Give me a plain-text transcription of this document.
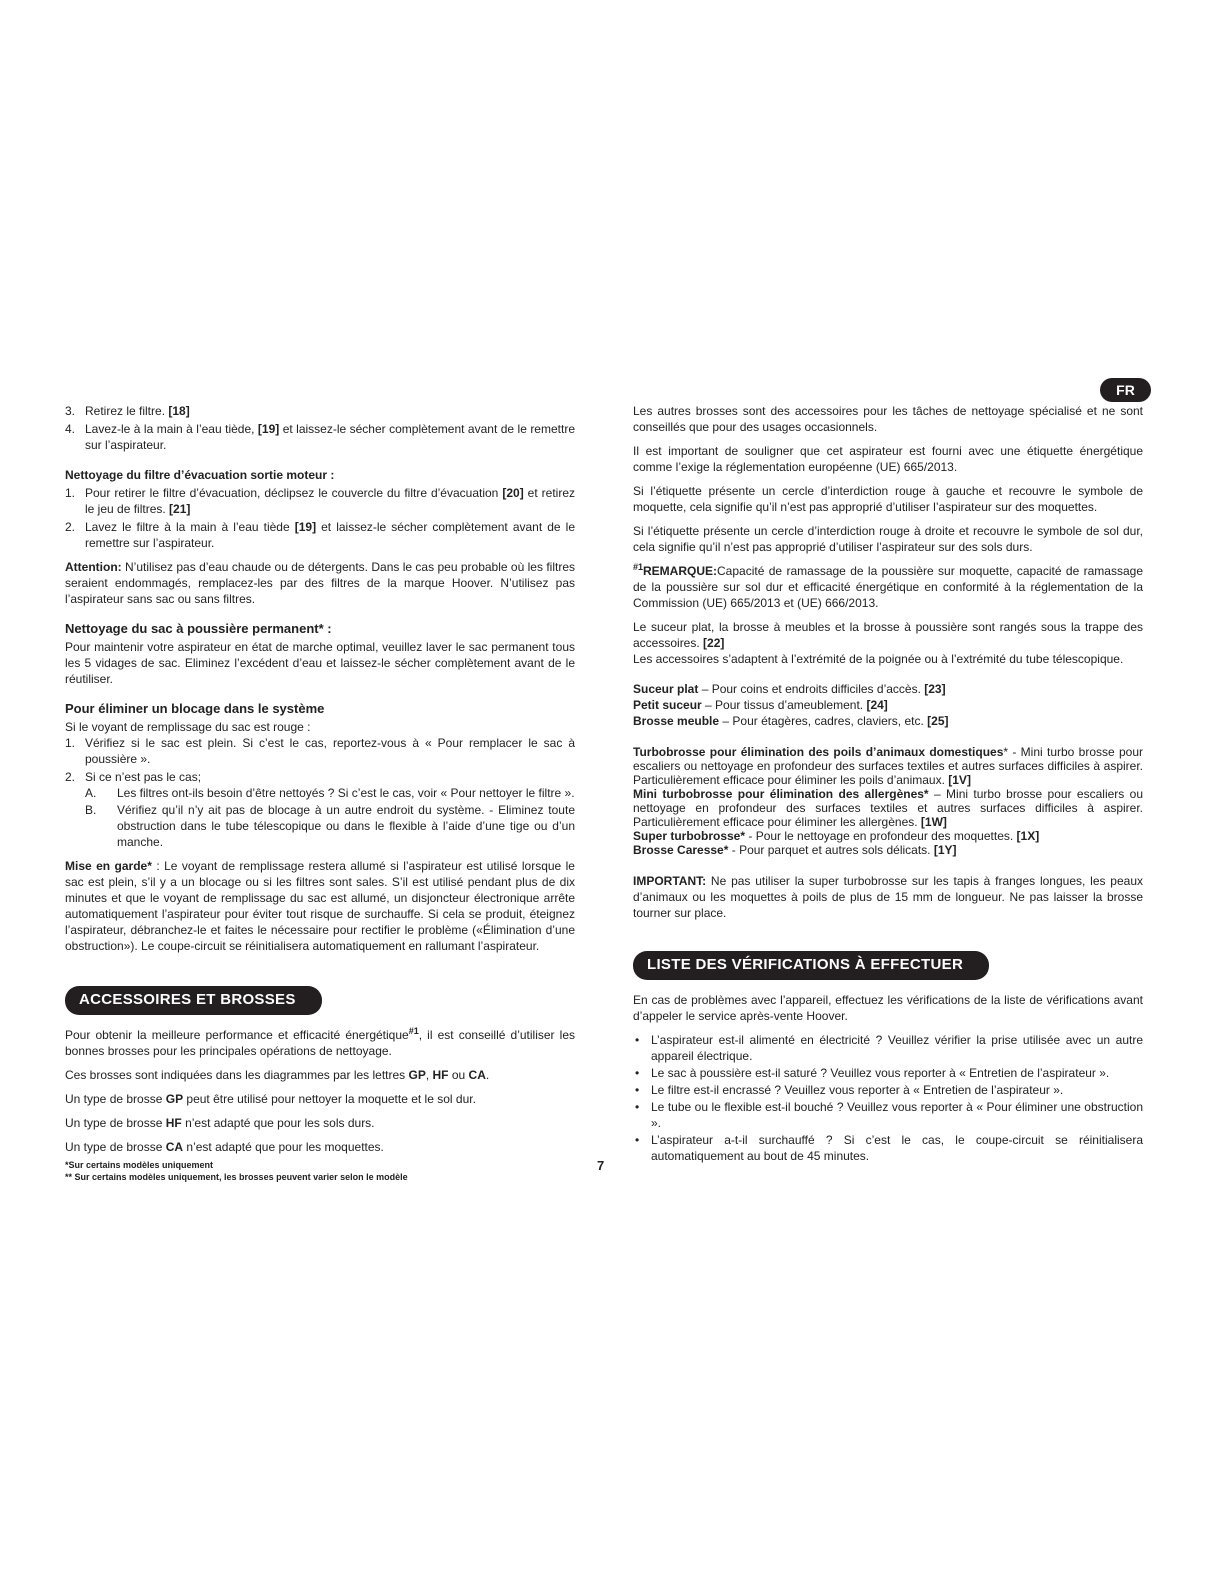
FR
3. Retirez le filtre. [18]
4. Lavez-le à la main à l’eau tiède, [19] et laissez-le sécher complètement avant de le remettre sur l’aspirateur.
Nettoyage du filtre d’évacuation sortie moteur :
1. Pour retirer le filtre d’évacuation, déclipsez le couvercle du filtre d’évacuation [20] et retirez le jeu de filtres. [21]
2. Lavez le filtre à la main à l’eau tiède [19] et laissez-le sécher complètement avant de le remettre sur l’aspirateur.

Attention: N’utilisez pas d’eau chaude ou de détergents. Dans le cas peu probable où les filtres seraient endommagés, remplacez-les par des filtres de la marque Hoover. N’utilisez pas l’aspirateur sans sac ou sans filtres.

Nettoyage du sac à poussière permanent* :

Pour maintenir votre aspirateur en état de marche optimal, veuillez laver le sac permanent tous les 5 vidages de sac. Eliminez l’excédent d’eau et laissez-le sécher complètement avant de le réutiliser.

Pour éliminer un blocage dans le système
Si le voyant de remplissage du sac est rouge :
1. Vérifiez si le sac est plein. Si c’est le cas, reportez-vous à « Pour remplacer le sac à poussière ».
2. Si ce n’est pas le cas;
A. Les filtres ont-ils besoin d’être nettoyés ? Si c’est le cas, voir « Pour nettoyer le filtre ».
B. Vérifiez qu’il n’y ait pas de blocage à un autre endroit du système. - Eliminez toute obstruction dans le tube télescopique ou dans le flexible à l’aide d’une tige ou d’un manche.

Mise en garde* : Le voyant de remplissage restera allumé si l’aspirateur est utilisé lorsque le sac est plein, s’il y a un blocage ou si les filtres sont sales. S’il est utilisé pendant plus de dix minutes et que le voyant de remplissage du sac est allumé, un disjoncteur électronique arrête automatiquement l’aspirateur pour éviter tout risque de surchauffe. Si cela se produit, éteignez l’aspirateur, débranchez-le et faites le nécessaire pour rectifier le problème («Élimination d’une obstruction»). Le coupe-circuit se réinitialisera automatiquement en rallumant l’aspirateur.

ACCESSOIRES ET BROSSES

Pour obtenir la meilleure performance et efficacité énergétique$^{\#1}$, il est conseillé d’utiliser les bonnes brosses pour les principales opérations de nettoyage.

Ces brosses sont indiquées dans les diagrammes par les lettres GP, HF ou CA.

Un type de brosse GP peut être utilisé pour nettoyer la moquette et le sol dur.

Un type de brosse HF n’est adapté que pour les sols durs.

Un type de brosse CA n’est adapté que pour les moquettes.

Les autres brosses sont des accessoires pour les tâches de nettoyage spécialisé et ne sont conseillés que pour des usages occasionnels.

Il est important de souligner que cet aspirateur est fourni avec une étiquette énergétique comme l’exige la réglementation européenne (UE) 665/2013.

Si l’étiquette présente un cercle d’interdiction rouge à gauche et recouvre le symbole de moquette, cela signifie qu’il n’est pas approprié d’utiliser l’aspirateur sur des moquettes.

Si l’étiquette présente un cercle d’interdiction rouge à droite et recouvre le symbole de sol dur, cela signifie qu’il n’est pas approprié d’utiliser l’aspirateur sur des sols durs.

$^{\#1}$REMARQUE:Capacité de ramassage de la poussière sur moquette, capacité de ramassage de la poussière sur sol dur et efficacité énergétique en conformité à la réglementation de la Commission (UE) 665/2013 et (UE) 666/2013.

Le suceur plat, la brosse à meubles et la brosse à poussière sont rangés sous la trappe des accessoires. [22]

Les accessoires s’adaptent à l’extrémité de la poignée ou à l’extrémité du tube télescopique.

Suceur plat – Pour coins et endroits difficiles d’accès. [23]
Petit suceur – Pour tissus d’ameublement. [24]
Brosse meuble – Pour étagères, cadres, claviers, etc. [25]
Turbobrosse pour élimination des poils d’animaux domestiques* - Mini turbo brosse pour escaliers ou nettoyage en profondeur des surfaces textiles et autres surfaces difficiles à aspirer. Particulièrement efficace pour éliminer les poils d’animaux. [1V]
Mini turbobrosse pour élimination des allergènes* – Mini turbo brosse pour escaliers ou nettoyage en profondeur des surfaces textiles et autres surfaces difficiles à aspirer. Particulièrement efficace pour éliminer les allergènes. [1W]
Super turbobrosse* - Pour le nettoyage en profondeur des moquettes. [1X]
Brosse Caresse* - Pour parquet et autres sols délicats. [1Y]

IMPORTANT: Ne pas utiliser la super turbobrosse sur les tapis à franges longues, les peaux d’animaux ou les moquettes à poils de plus de 15 mm de longueur. Ne pas laisser la brosse tourner sur place.

LISTE DES VÉRIFICATIONS À EFFECTUER

En cas de problèmes avec l’appareil, effectuez les vérifications de la liste de vérifications avant d’appeler le service après-vente Hoover.

• L’aspirateur est-il alimenté en électricité ? Veuillez vérifier la prise utilisée avec un autre appareil électrique.
• Le sac à poussière est-il saturé ? Veuillez vous reporter à « Entretien de l’aspirateur ».
• Le filtre est-il encrassé ? Veuillez vous reporter à « Entretien de l’aspirateur ».
• Le tube ou le flexible est-il bouché ? Veuillez vous reporter à « Pour éliminer une obstruction ».
• L’aspirateur a-t-il surchauffé ? Si c’est le cas, le coupe-circuit se réinitialisera automatiquement au bout de 45 minutes.
7
*Sur certains modèles uniquement
** Sur certains modèles uniquement, les brosses peuvent varier selon le modèle
